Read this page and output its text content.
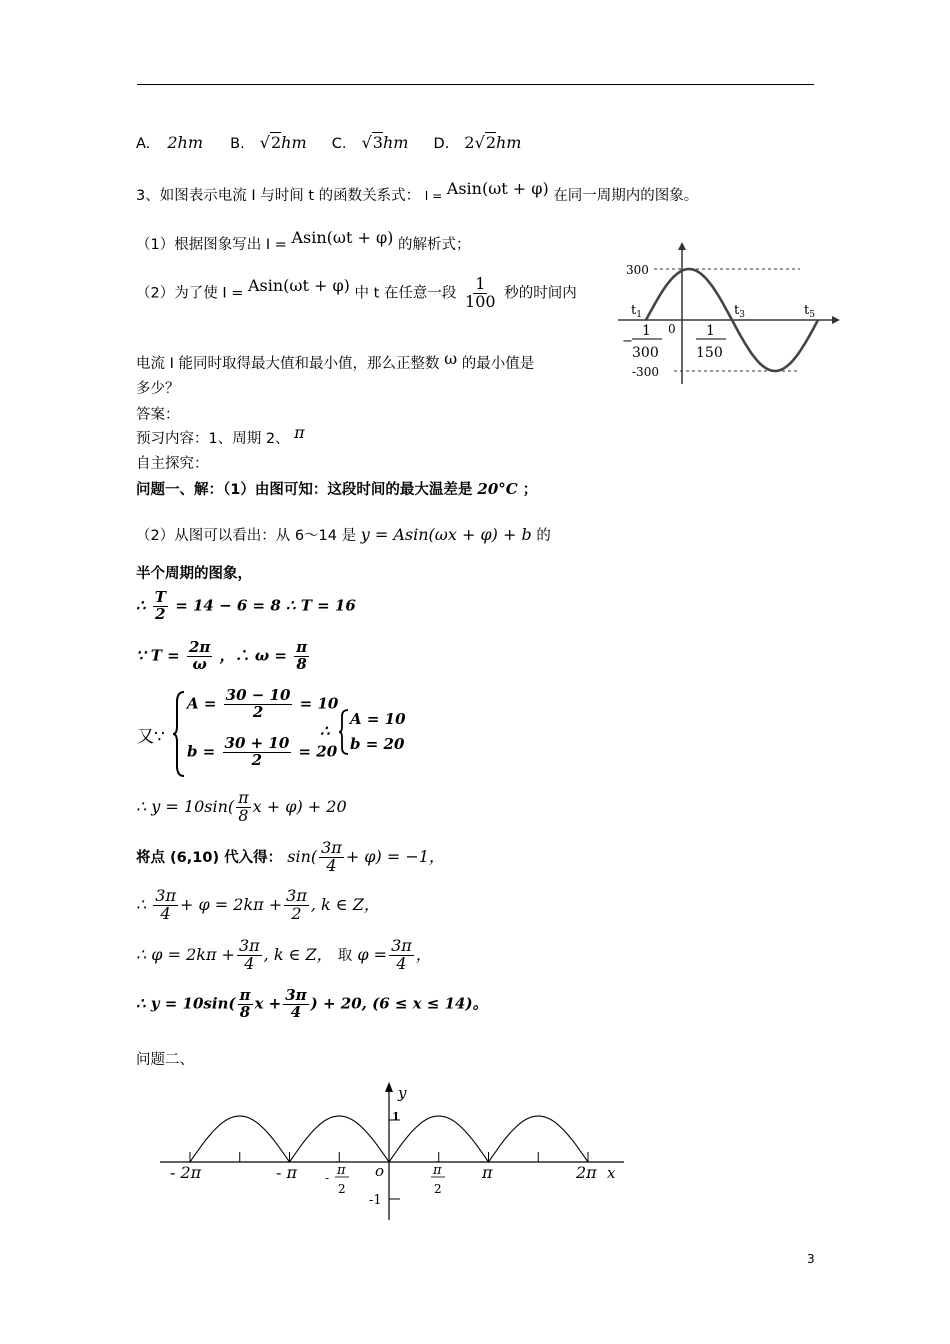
A. 2hm B. √2hm C. √3hm D. 2√2hm
3、如图表示电流 I 与时间 t 的函数关系式： I = Asin(ωt + φ) 在同一周期内的图象。
（1）根据图象写出 I = Asin(ωt + φ) 的解析式；
（2）为了使 I = Asin(ωt + φ) 中 t 在任意一段 $\frac{1}{100}$ 秒的时间内
电流 I 能同时取得最大值和最小值，那么正整数 ω 的最小值是
多少？
300
-300
0
$t_1$	$t_3$	$t_5$
−
1
300
1
150
答案：
预习内容：1、周期 2、 π
自主探究：
问题一、解：（1）由图可知：这段时间的最大温差是 20°C ；
（2）从图可以看出：从 6～14 是 y = Asin(ωx + φ) + b 的
半个周期的图象，
∴ $\frac{T}{2} = 14 - 6 = 8$ ∴ T = 16
∵ $T = \frac{2\pi}{\omega}$ ，∴ $\omega = \frac{\pi}{8}$
又∵
$A = \frac{30 - 10}{2} = 10$
$b = \frac{30 + 10}{2} = 20$
∴
A = 10
b = 20
∴ $y = 10\sin( \frac{\pi}{8}$ x + φ) + 20
将点 (6,10) 代入得： $\sin( \frac{3\pi}{4} + \varphi) = -1$，
∴ $\frac{3\pi}{4} + \varphi = 2k\pi + \frac{3\pi}{2}$ , k ∈ Z，
∴ $\varphi = 2k\pi + \frac{3\pi}{4}$ , k ∈ Z， 取 $\varphi = \frac{3\pi}{4}$ ，
∴ $y = 10\sin( \frac{\pi}{8}$ $x + \frac{3\pi}{4}$ ) + 20, (6 ≤ x ≤ 14)。
问题二、
y
1
x
o
-1
- 2π	- π - π
2
π
2
π	2π
3
